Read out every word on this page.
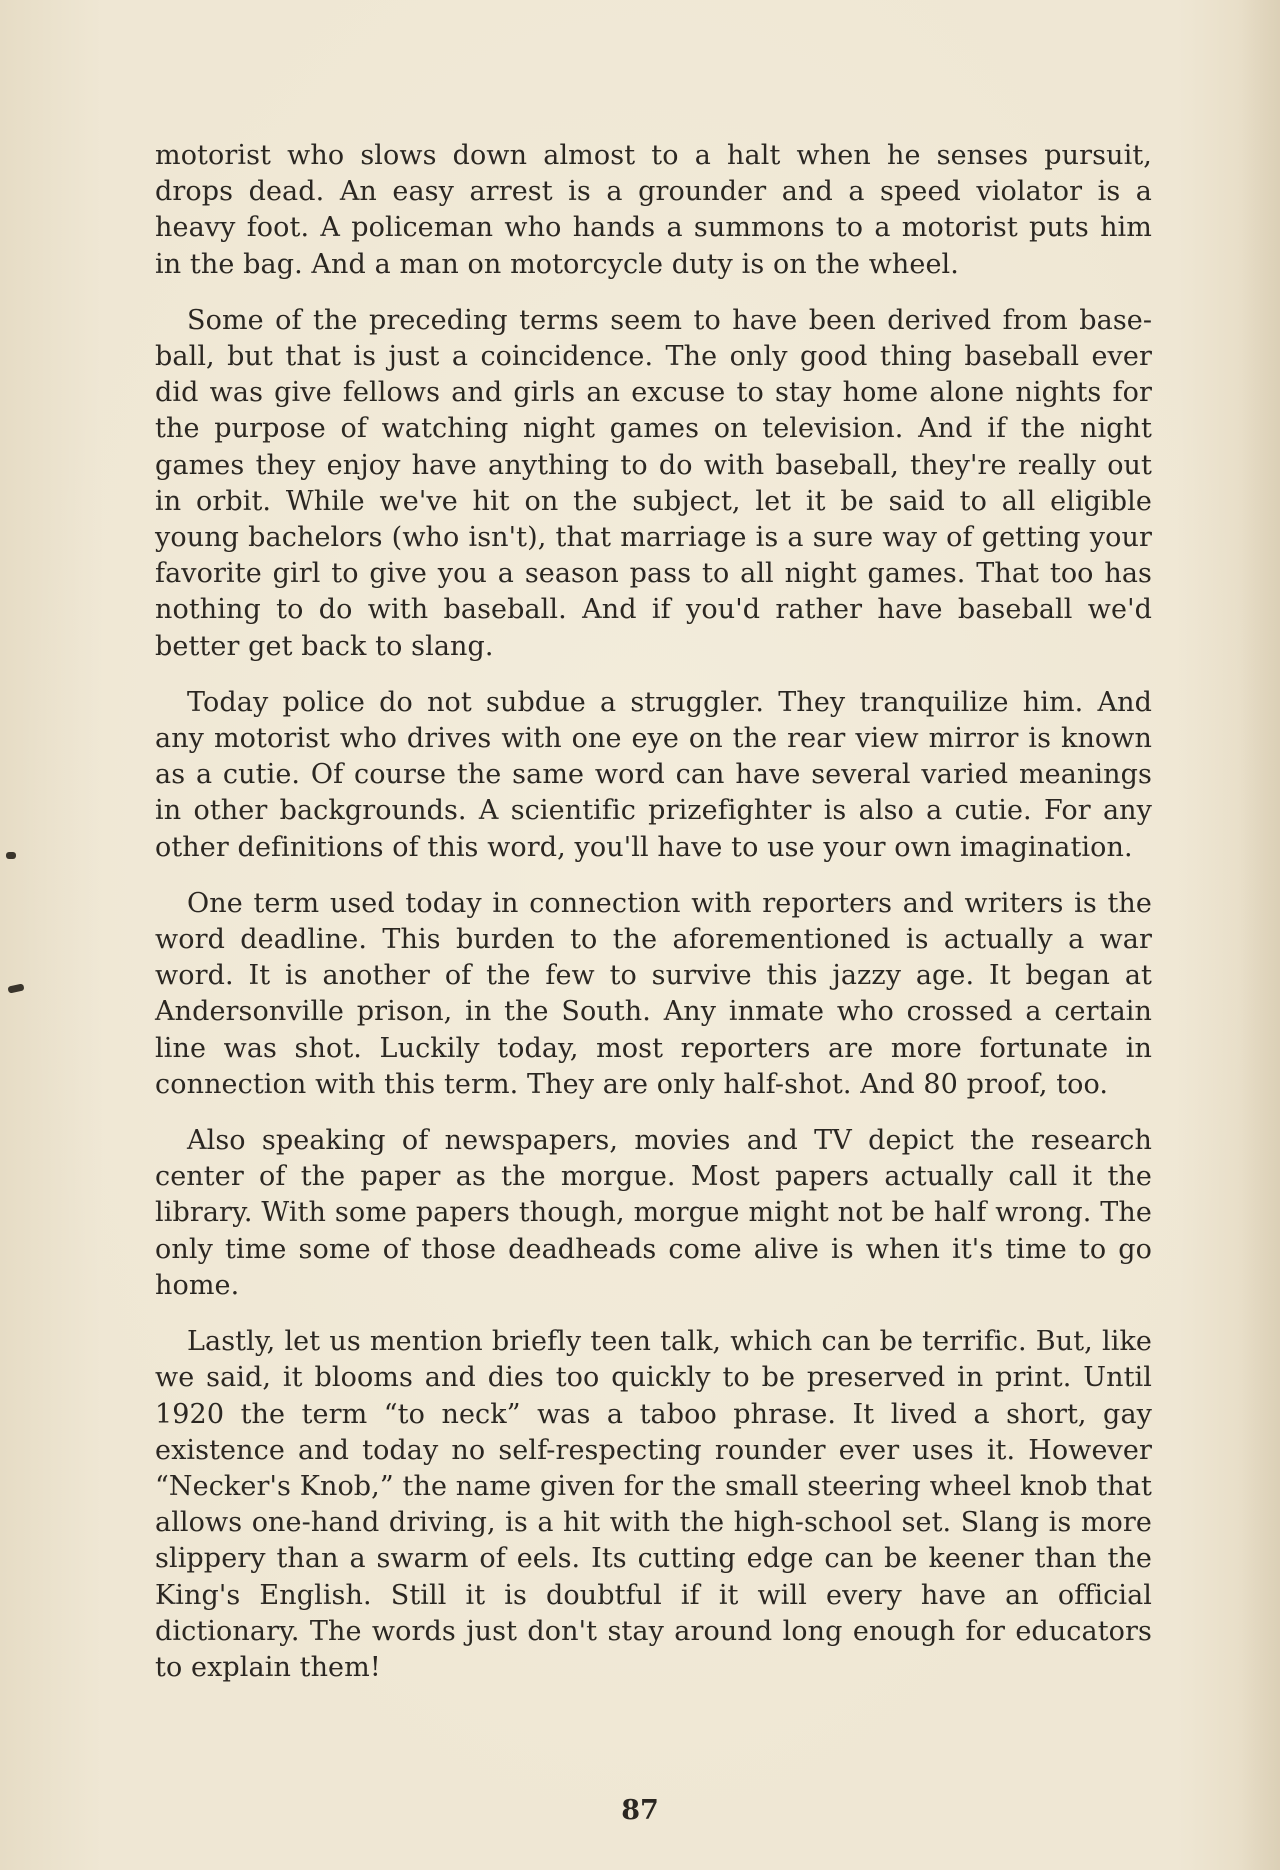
motorist who slows down almost to a halt when he senses pursuit, drops dead. An easy arrest is a grounder and a speed violator is a heavy foot. A policeman who hands a summons to a motorist puts him in the bag. And a man on motorcycle duty is on the wheel.

Some of the preceding terms seem to have been derived from baseball, but that is just a coincidence. The only good thing baseball ever did was give fellows and girls an excuse to stay home alone nights for the purpose of watching night games on television. And if the night games they enjoy have anything to do with baseball, they're really out in orbit. While we've hit on the subject, let it be said to all eligible young bachelors (who isn't), that marriage is a sure way of getting your favorite girl to give you a season pass to all night games. That too has nothing to do with baseball. And if you'd rather have baseball we'd better get back to slang.

Today police do not subdue a struggler. They tranquilize him. And any motorist who drives with one eye on the rear view mirror is known as a cutie. Of course the same word can have several varied meanings in other backgrounds. A scientific prizefighter is also a cutie. For any other definitions of this word, you'll have to use your own imagination.

One term used today in connection with reporters and writers is the word deadline. This burden to the aforementioned is actually a war word. It is another of the few to survive this jazzy age. It began at Andersonville prison, in the South. Any inmate who crossed a certain line was shot. Luckily today, most reporters are more fortunate in connection with this term. They are only half-shot. And 80 proof, too.

Also speaking of newspapers, movies and TV depict the research center of the paper as the morgue. Most papers actually call it the library. With some papers though, morgue might not be half wrong. The only time some of those deadheads come alive is when it's time to go home.

Lastly, let us mention briefly teen talk, which can be terrific. But, like we said, it blooms and dies too quickly to be preserved in print. Until 1920 the term “to neck” was a taboo phrase. It lived a short, gay existence and today no self-respecting rounder ever uses it. However “Necker's Knob,” the name given for the small steering wheel knob that allows one-hand driving, is a hit with the high-school set. Slang is more slippery than a swarm of eels. Its cutting edge can be keener than the King's English. Still it is doubtful if it will every have an official dictionary. The words just don't stay around long enough for educators to explain them!

87
